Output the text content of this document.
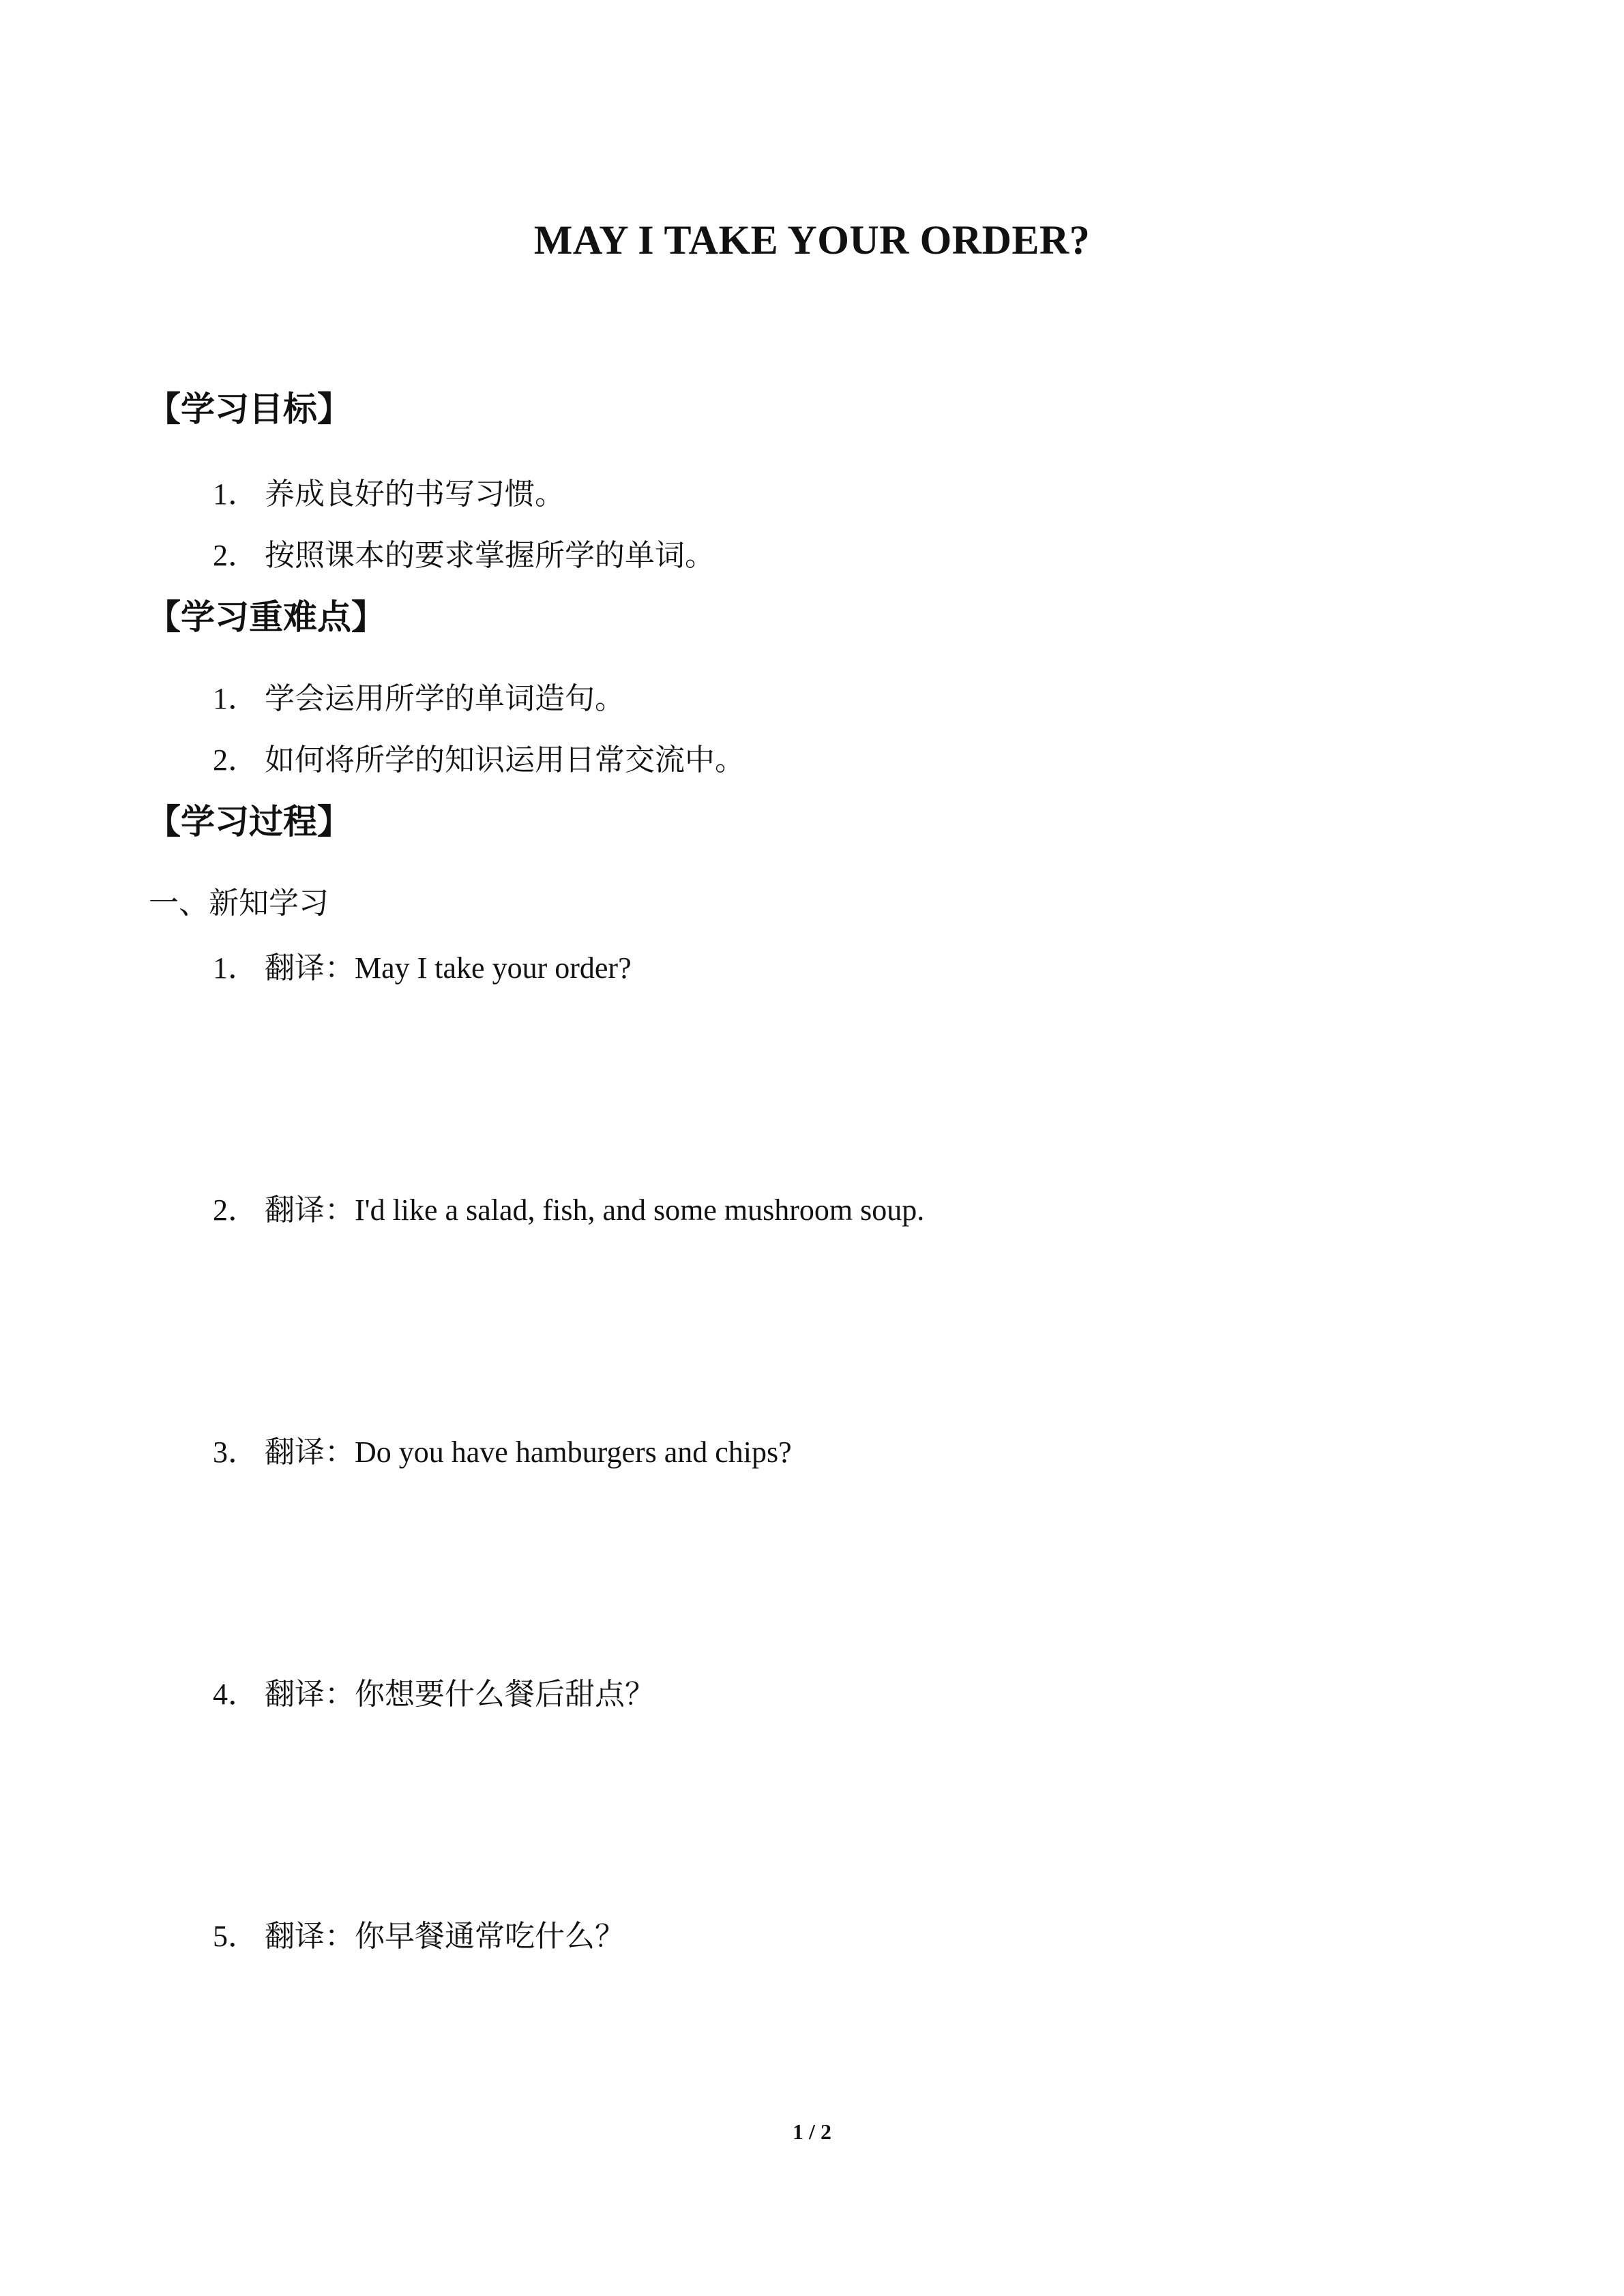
MAY I TAKE YOUR ORDER?
【学习目标】
1． 养成良好的书写习惯。
2． 按照课本的要求掌握所学的单词。
【学习重难点】
1． 学会运用所学的单词造句。
2． 如何将所学的知识运用日常交流中。
【学习过程】
一、新知学习
1． 翻译：May I take your order?
2． 翻译：I'd like a salad, fish, and some mushroom soup.
3． 翻译：Do you have hamburgers and chips?
4． 翻译：你想要什么餐后甜点？
5． 翻译：你早餐通常吃什么？
1 / 2
